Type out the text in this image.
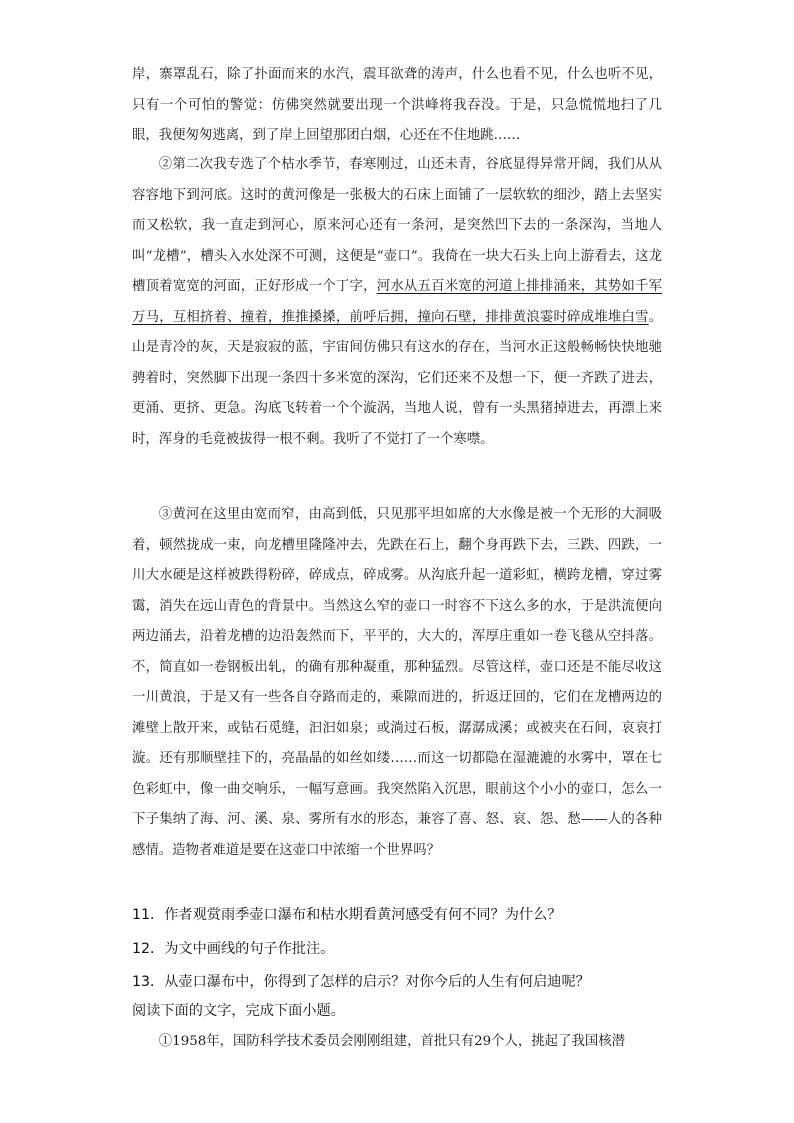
岸，寨罩乱石，除了扑面而来的水汽，震耳欲聋的涛声，什么也看不见，什么也听不见，只有一个可怕的警觉：仿佛突然就要出现一个洪峰将我吞没。于是，只急慌慌地扫了几眼，我便匆匆逃离，到了岸上回望那团白烟，心还在不住地跳……

②第二次我专选了个枯水季节，春寒刚过，山还未青，谷底显得异常开阔，我们从从容容地下到河底。这时的黄河像是一张极大的石床上面铺了一层软软的细沙，踏上去坚实而又松软，我一直走到河心，原来河心还有一条河，是突然凹下去的一条深沟，当地人叫“龙槽”，槽头入水处深不可测，这便是“壶口”。我倚在一块大石头上向上游看去，这龙槽顶着宽宽的河面，正好形成一个丁字，河水从五百米宽的河道上排排涌来，其势如千军万马，互相挤着、撞着，推推搡搡，前呼后拥，撞向石壁，排排黄浪霎时碎成堆堆白雪。山是青冷的灰，天是寂寂的蓝，宇宙间仿佛只有这水的存在，当河水正这般畅畅快快地驰骋着时，突然脚下出现一条四十多米宽的深沟，它们还来不及想一下，便一齐跌了进去，更涌、更挤、更急。沟底飞转着一个个漩涡，当地人说，曾有一头黑猪掉进去，再漂上来时，浑身的毛竟被拔得一根不剩。我听了不觉打了一个寒噤。

③黄河在这里由宽而窄，由高到低，只见那平坦如席的大水像是被一个无形的大洞吸着，顿然拢成一束，向龙槽里隆隆冲去，先跌在石上，翻个身再跌下去，三跌、四跌，一川大水硬是这样被跌得粉碎，碎成点，碎成雾。从沟底升起一道彩虹，横跨龙槽，穿过雾霭，消失在远山青色的背景中。当然这么窄的壶口一时容不下这么多的水，于是洪流便向两边涌去，沿着龙槽的边沿轰然而下，平平的，大大的，浑厚庄重如一卷飞毯从空抖落。不，简直如一卷钢板出轧，的确有那种凝重，那种猛烈。尽管这样，壶口还是不能尽收这一川黄浪，于是又有一些各自夺路而走的，乘隙而进的，折返迂回的，它们在龙槽两边的滩壁上散开来，或钻石觅缝，汩汩如泉；或淌过石板，潺潺成溪；或被夹在石间，哀哀打漩。还有那顺壁挂下的，亮晶晶的如丝如缕……而这一切都隐在湿漉漉的水雾中，罩在七色彩虹中，像一曲交响乐，一幅写意画。我突然陷入沉思，眼前这个小小的壶口，怎么一下子集纳了海、河、溪、泉、雾所有水的形态，兼容了喜、怒、哀、怨、愁——人的各种感情。造物者难道是要在这壶口中浓缩一个世界吗？

11．作者观赏雨季壶口瀑布和枯水期看黄河感受有何不同？为什么？
12．为文中画线的句子作批注。
13．从壶口瀑布中，你得到了怎样的启示？对你今后的人生有何启迪呢？
阅读下面的文字，完成下面小题。
①1958年，国防科学技术委员会刚刚组建，首批只有29个人，挑起了我国核潜
